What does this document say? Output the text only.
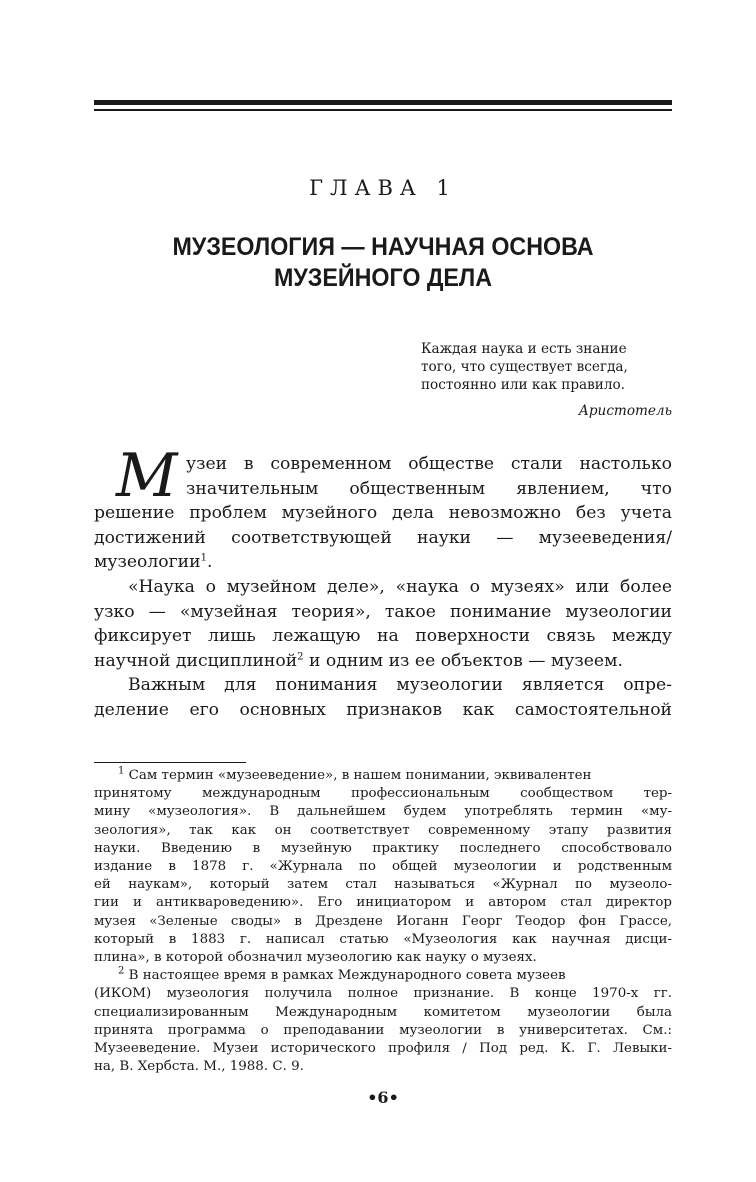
ГЛАВА 1
МУЗЕОЛОГИЯ — НАУЧНАЯ ОСНОВА
МУЗЕЙНОГО ДЕЛА
Каждая наука и есть знание
того, что существует всегда,
постоянно или как правило.
Аристотель
М узеи в современном обществе стали настолько
значительным общественным явлением, что
решение проблем музейного дела невозможно без учета
достижений соответствующей науки — музееведения/
музеологии$^1$.
«Наука о музейном деле», «наука о музеях» или более
узко — «музейная теория», такое понимание музеологии
фиксирует лишь лежащую на поверхности связь между
научной дисциплиной$^2$ и одним из ее объектов — музеем.
Важным для понимания музеологии является опре-
деление его основных признаков как самостоятельной
$^1$ Сам термин «музееведение», в нашем понимании, эквивалентен
принятому международным профессиональным сообществом тер-
мину «музеология». В дальнейшем будем употреблять термин «му-
зеология», так как он соответствует современному этапу развития
науки. Введению в музейную практику последнего способствовало
издание в 1878 г. «Журнала по общей музеологии и родственным
ей наукам», который затем стал называться «Журнал по музеоло-
гии и антиквароведению». Его инициатором и автором стал директор
музея «Зеленые своды» в Дрездене Иоганн Георг Теодор фон Грассе,
который в 1883 г. написал статью «Музеология как научная дисци-
плина», в которой обозначил музеологию как науку о музеях.
$^2$ В настоящее время в рамках Международного совета музеев
(ИКОМ) музеология получила полное признание. В конце 1970-х гг.
специализированным Международным комитетом музеологии была
принята программа о преподавании музеологии в университетах. См.:
Музееведение. Музеи исторического профиля / Под ред. К. Г. Левыки-
на, В. Хербста. М., 1988. С. 9.
•6•
